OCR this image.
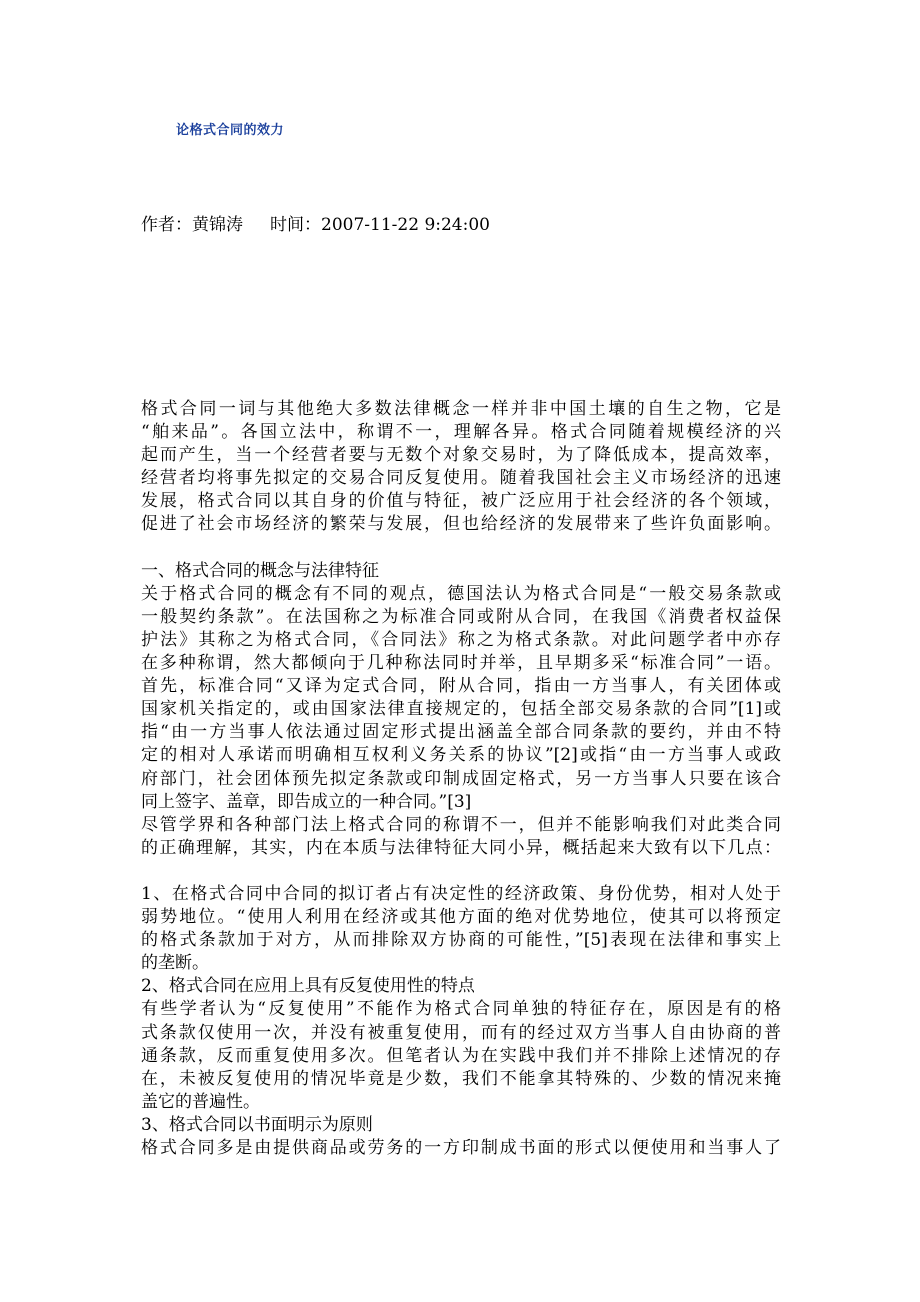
论格式合同的效力
作者：黄锦涛 时间：2007-11-22 9:24:00
格式合同一词与其他绝大多数法律概念一样并非中国土壤的自生之物，它是
“舶来品”。各国立法中，称谓不一，理解各异。格式合同随着规模经济的兴
起而产生，当一个经营者要与无数个对象交易时，为了降低成本，提高效率，
经营者均将事先拟定的交易合同反复使用。随着我国社会主义市场经济的迅速
发展，格式合同以其自身的价值与特征，被广泛应用于社会经济的各个领域，
促进了社会市场经济的繁荣与发展，但也给经济的发展带来了些许负面影响。
一、格式合同的概念与法律特征
关于格式合同的概念有不同的观点，德国法认为格式合同是“一般交易条款或
一般契约条款”。在法国称之为标准合同或附从合同，在我国《消费者权益保
护法》其称之为格式合同，《合同法》称之为格式条款。对此问题学者中亦存
在多种称谓，然大都倾向于几种称法同时并举，且早期多采“标准合同”一语。
首先，标准合同“又译为定式合同，附从合同，指由一方当事人，有关团体或
国家机关指定的，或由国家法律直接规定的，包括全部交易条款的合同”[1]或
指“由一方当事人依法通过固定形式提出涵盖全部合同条款的要约，并由不特
定的相对人承诺而明确相互权利义务关系的协议”[2]或指“由一方当事人或政
府部门，社会团体预先拟定条款或印制成固定格式，另一方当事人只要在该合
同上签字、盖章，即告成立的一种合同。”[3]
尽管学界和各种部门法上格式合同的称谓不一，但并不能影响我们对此类合同
的正确理解，其实，内在本质与法律特征大同小异，概括起来大致有以下几点：
1、在格式合同中合同的拟订者占有决定性的经济政策、身份优势，相对人处于
弱势地位。“使用人利用在经济或其他方面的绝对优势地位，使其可以将预定
的格式条款加于对方，从而排除双方协商的可能性，”[5]表现在法律和事实上
的垄断。
2、格式合同在应用上具有反复使用性的特点
有些学者认为“反复使用”不能作为格式合同单独的特征存在，原因是有的格
式条款仅使用一次，并没有被重复使用，而有的经过双方当事人自由协商的普
通条款，反而重复使用多次。但笔者认为在实践中我们并不排除上述情况的存
在，未被反复使用的情况毕竟是少数，我们不能拿其特殊的、少数的情况来掩
盖它的普遍性。
3、格式合同以书面明示为原则
格式合同多是由提供商品或劳务的一方印制成书面的形式以便使用和当事人了
